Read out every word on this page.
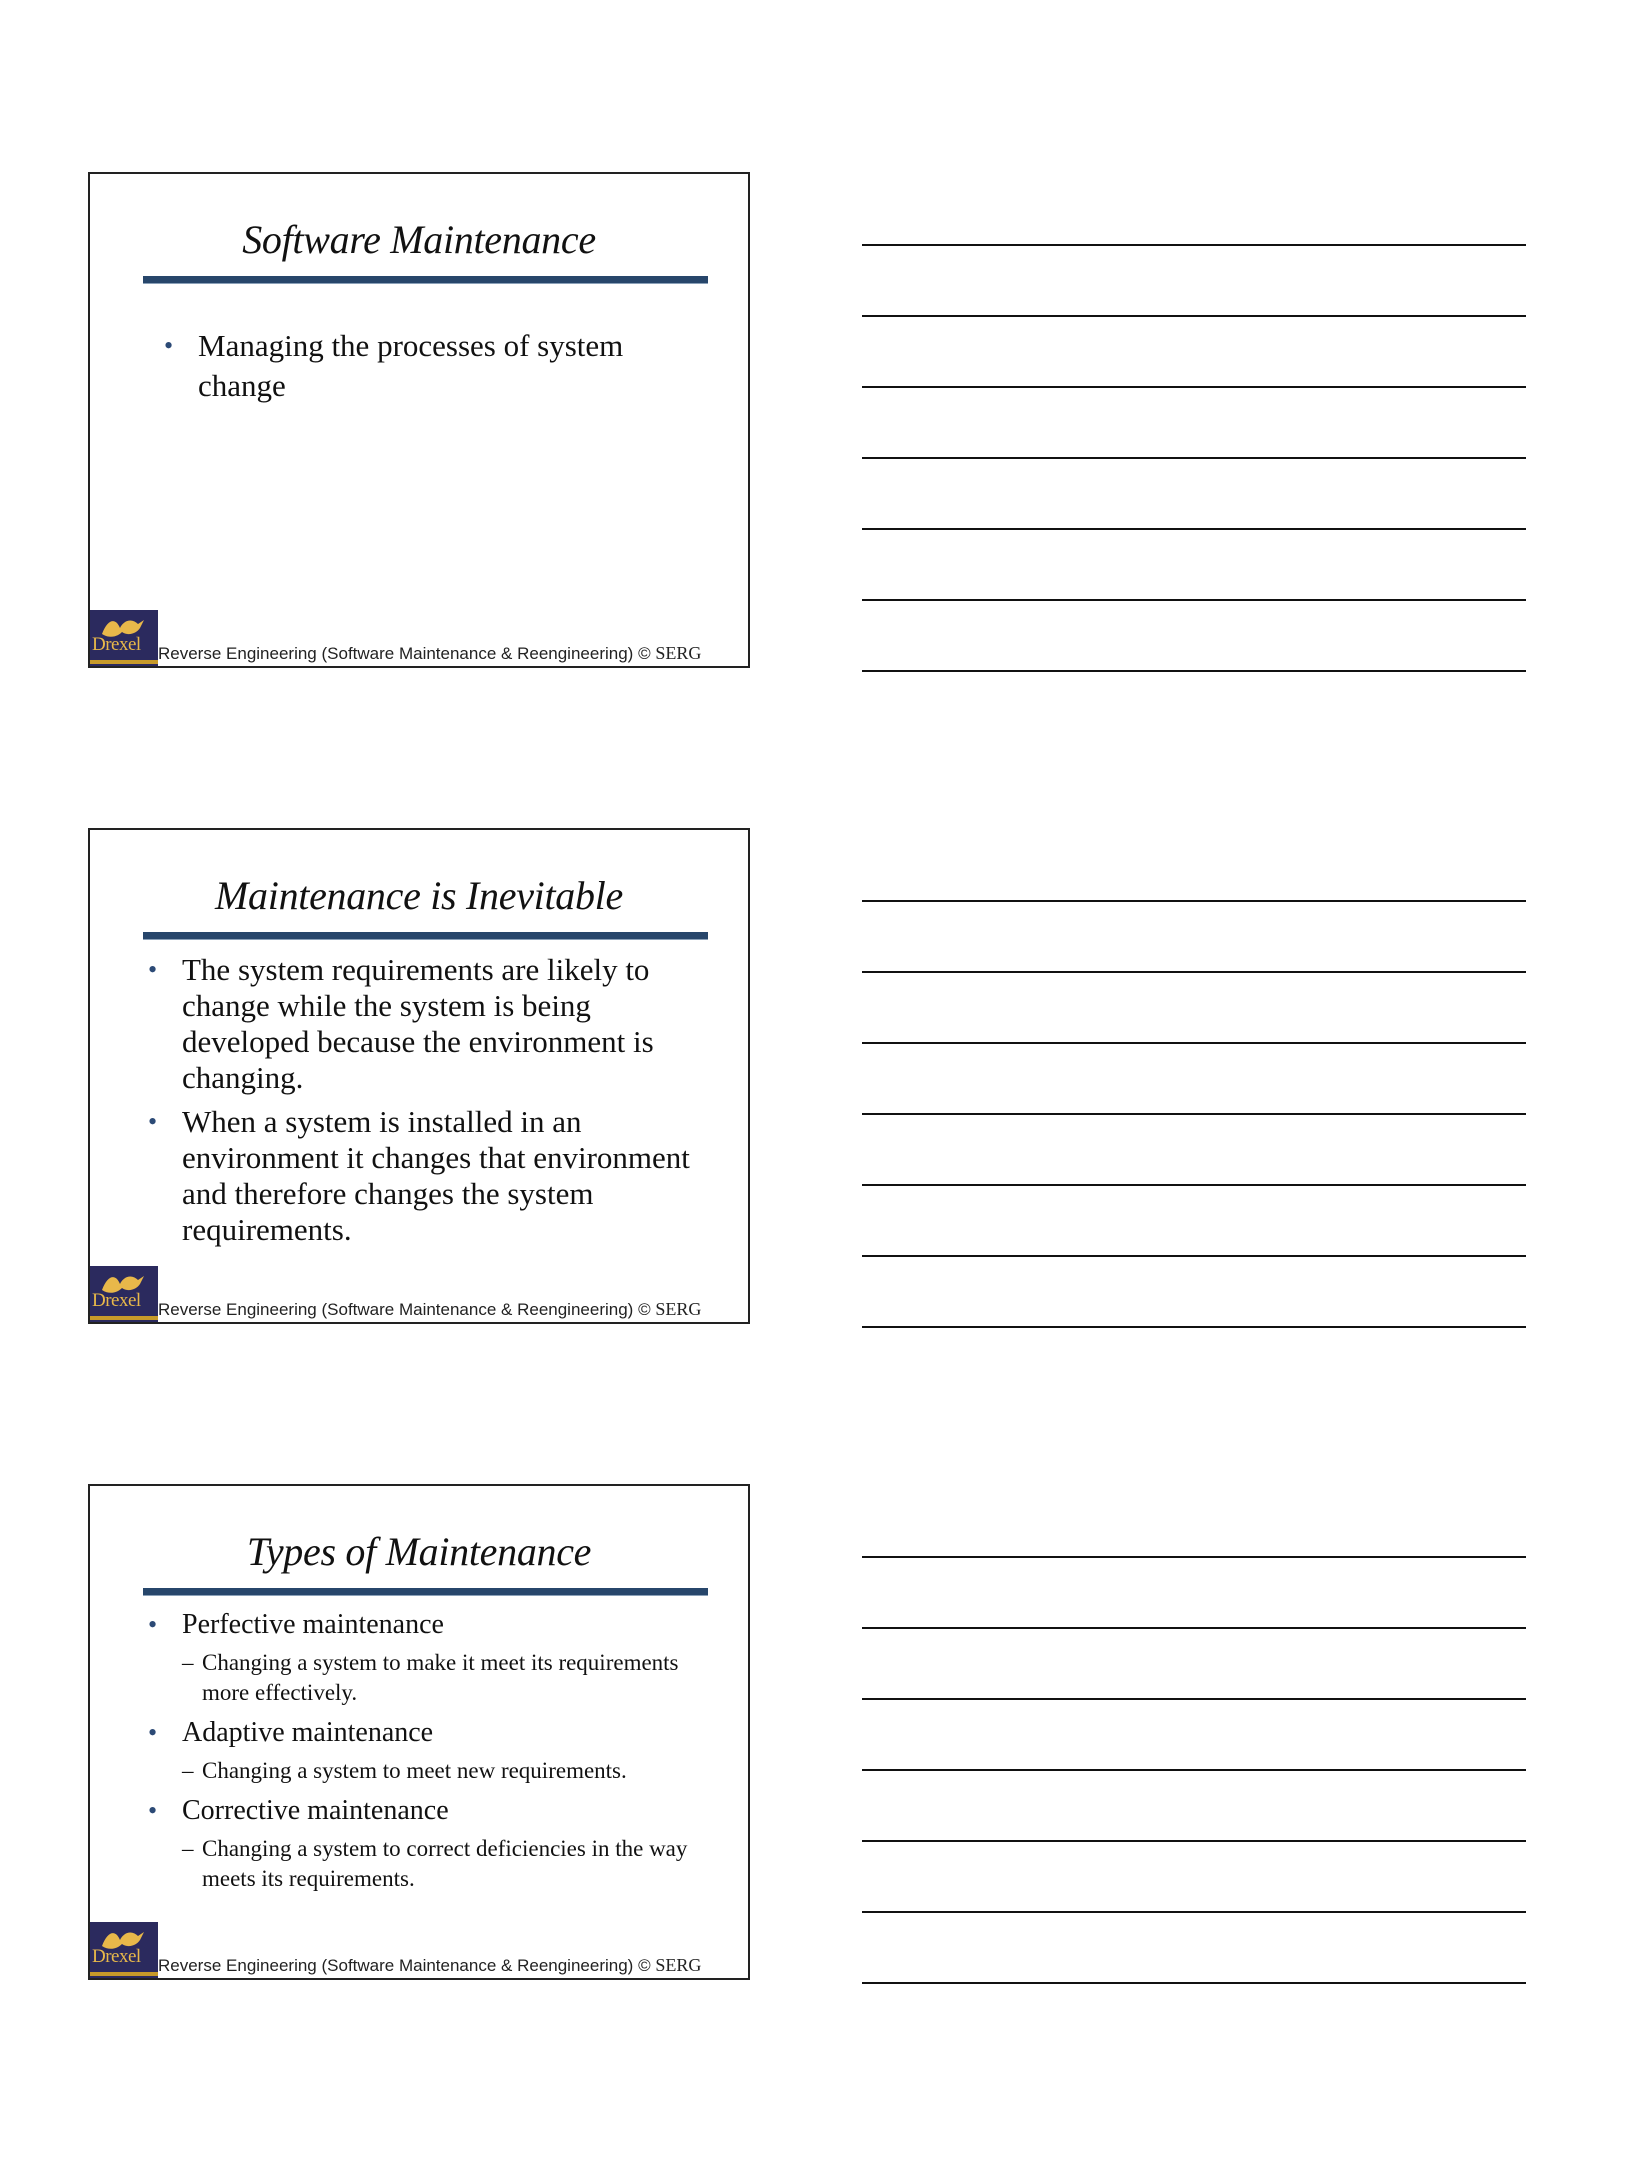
Software Maintenance
• Managing the processes of system change
Drexel Reverse Engineering (Software Maintenance & Reengineering) © SERG
Maintenance is Inevitable
• The system requirements are likely to change while the system is being developed because the environment is changing.
• When a system is installed in an environment it changes that environment and therefore changes the system requirements.
Drexel Reverse Engineering (Software Maintenance & Reengineering) © SERG
Types of Maintenance
• Perfective maintenance
– Changing a system to make it meet its requirements more effectively.
• Adaptive maintenance
– Changing a system to meet new requirements.
• Corrective maintenance
– Changing a system to correct deficiencies in the way meets its requirements.
Drexel Reverse Engineering (Software Maintenance & Reengineering) © SERG
